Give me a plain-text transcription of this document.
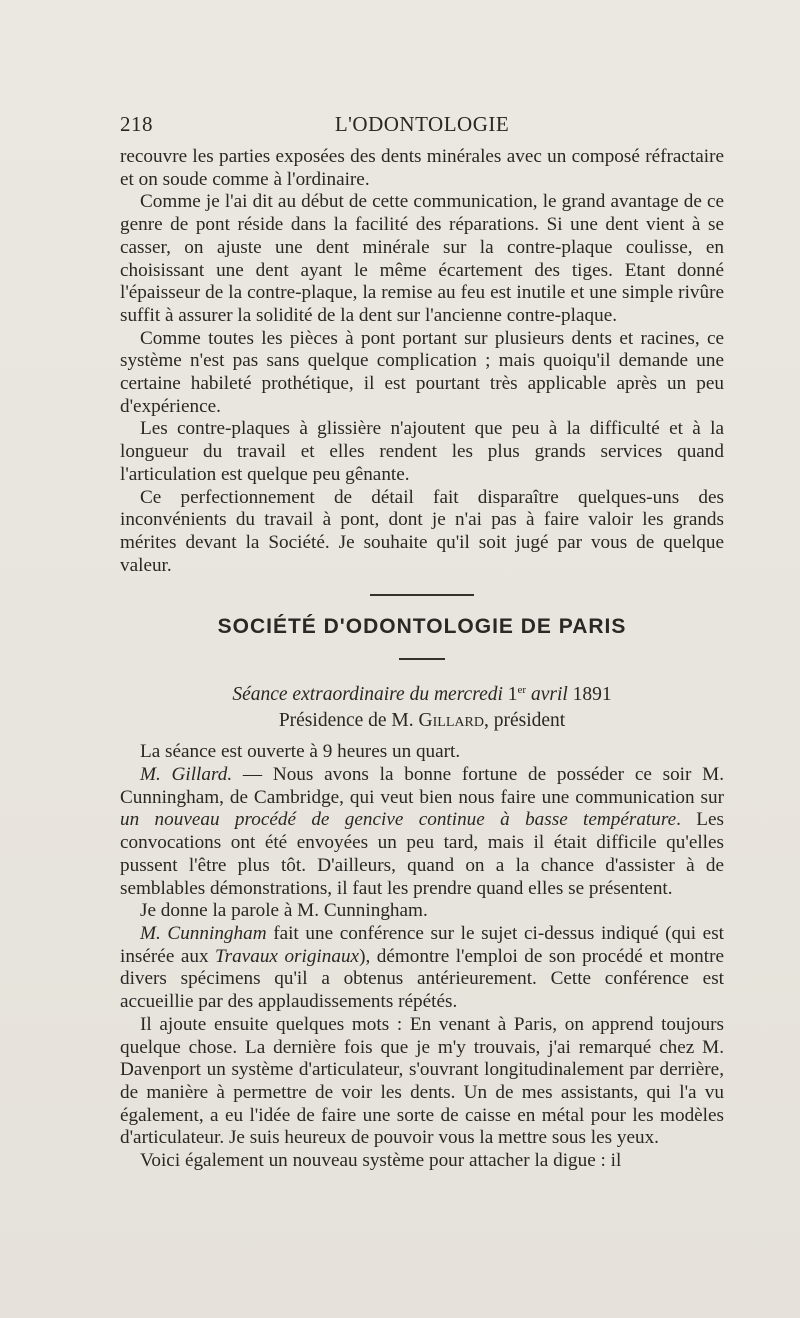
218	L'ODONTOLOGIE

recouvre les parties exposées des dents minérales avec un composé réfractaire et on soude comme à l'ordinaire.

Comme je l'ai dit au début de cette communication, le grand avantage de ce genre de pont réside dans la facilité des réparations. Si une dent vient à se casser, on ajuste une dent minérale sur la contre-plaque coulisse, en choisissant une dent ayant le même écartement des tiges. Etant donné l'épaisseur de la contre-plaque, la remise au feu est inutile et une simple rivûre suffit à assurer la solidité de la dent sur l'ancienne contre-plaque.

Comme toutes les pièces à pont portant sur plusieurs dents et racines, ce système n'est pas sans quelque complication ; mais quoiqu'il demande une certaine habileté prothétique, il est pourtant très applicable après un peu d'expérience.

Les contre-plaques à glissière n'ajoutent que peu à la difficulté et à la longueur du travail et elles rendent les plus grands services quand l'articulation est quelque peu gênante.

Ce perfectionnement de détail fait disparaître quelques-uns des inconvénients du travail à pont, dont je n'ai pas à faire valoir les grands mérites devant la Société. Je souhaite qu'il soit jugé par vous de quelque valeur.

SOCIÉTÉ D'ODONTOLOGIE DE PARIS

Séance extraordinaire du mercredi 1er avril 1891

Présidence de M. Gillard, président

La séance est ouverte à 9 heures un quart.

M. Gillard. — Nous avons la bonne fortune de posséder ce soir M. Cunningham, de Cambridge, qui veut bien nous faire une communication sur un nouveau procédé de gencive continue à basse température. Les convocations ont été envoyées un peu tard, mais il était difficile qu'elles pussent l'être plus tôt. D'ailleurs, quand on a la chance d'assister à de semblables démonstrations, il faut les prendre quand elles se présentent.

Je donne la parole à M. Cunningham.

M. Cunningham fait une conférence sur le sujet ci-dessus indiqué (qui est insérée aux Travaux originaux), démontre l'emploi de son procédé et montre divers spécimens qu'il a obtenus antérieurement. Cette conférence est accueillie par des applaudissements répétés.

Il ajoute ensuite quelques mots : En venant à Paris, on apprend toujours quelque chose. La dernière fois que je m'y trouvais, j'ai remarqué chez M. Davenport un système d'articulateur, s'ouvrant longitudinalement par derrière, de manière à permettre de voir les dents. Un de mes assistants, qui l'a vu également, a eu l'idée de faire une sorte de caisse en métal pour les modèles d'articulateur. Je suis heureux de pouvoir vous la mettre sous les yeux.

Voici également un nouveau système pour attacher la digue : il
